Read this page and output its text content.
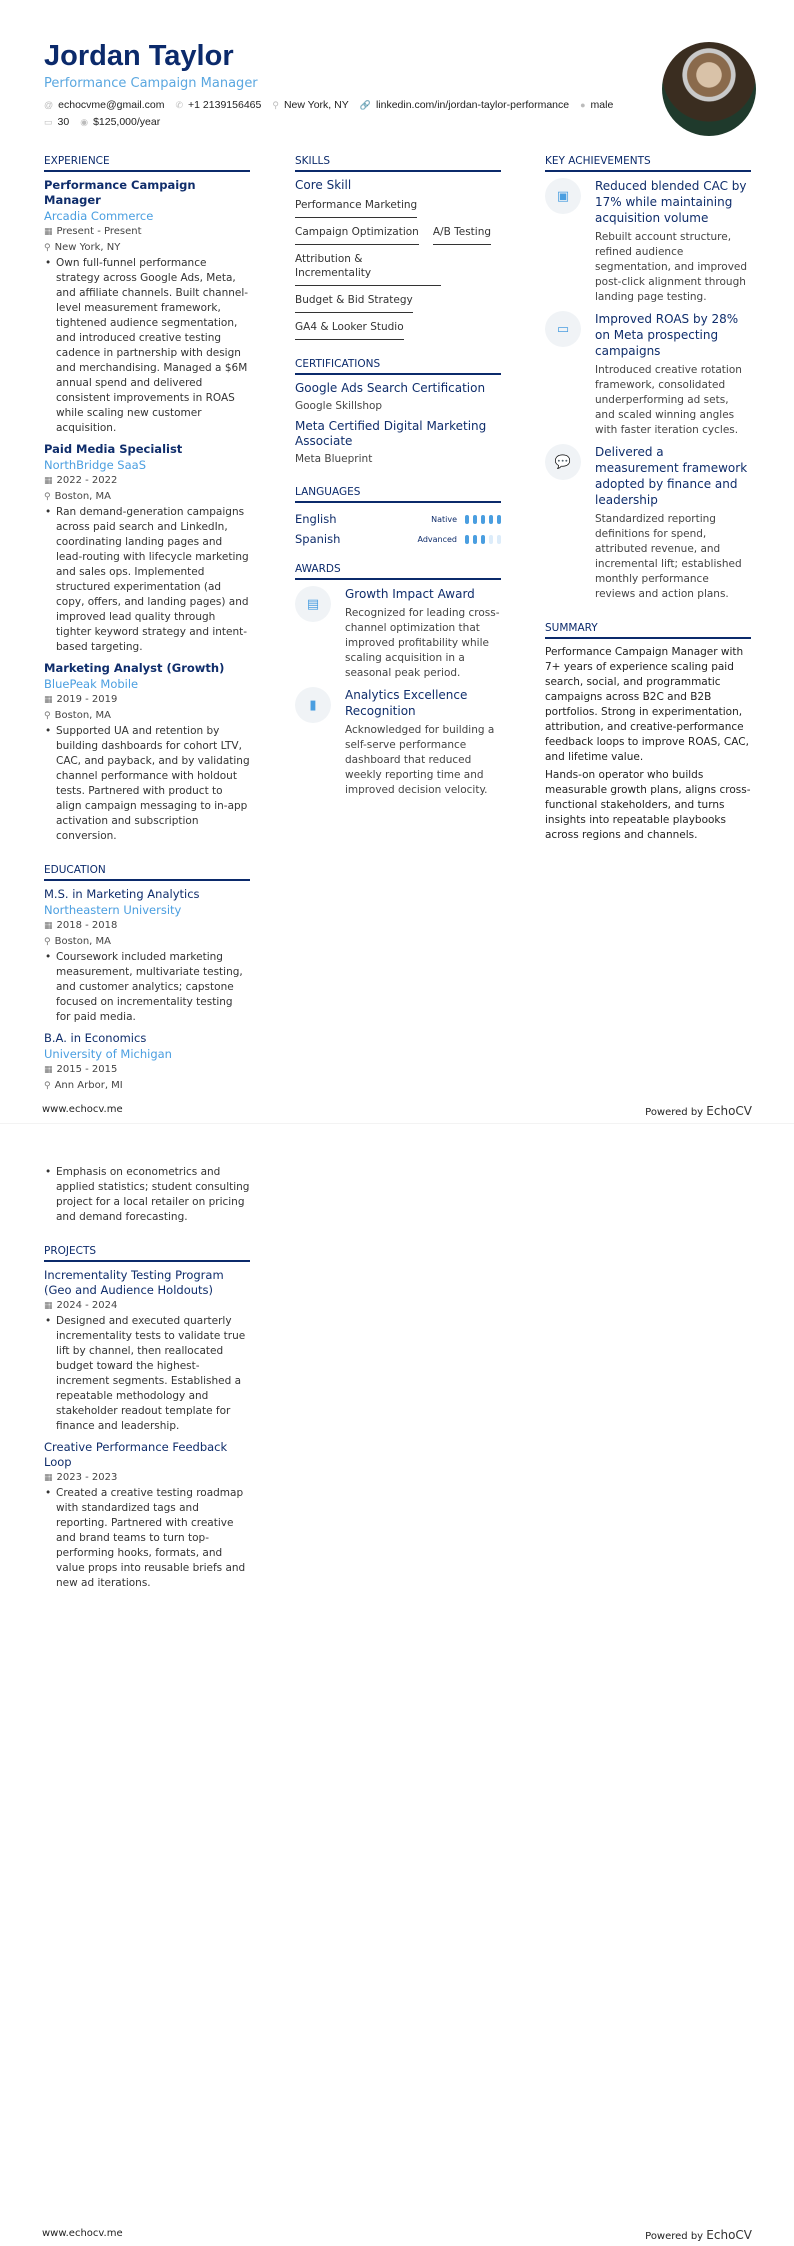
Jordan Taylor
Performance Campaign Manager
@ echocvme@gmail.com ✆ +1 2139156465 ⚲ New York, NY 🔗 linkedin.com/in/jordan-taylor-performance ● male
▭ 30 ◉ $125,000/year
EXPERIENCE
Performance Campaign Manager
Arcadia Commerce
▦ Present - Present
⚲ New York, NY
• Own full-funnel performance strategy across Google Ads, Meta, and affiliate channels. Built channel-level measurement framework, tightened audience segmentation, and introduced creative testing cadence in partnership with design and merchandising. Managed a $6M annual spend and delivered consistent improvements in ROAS while scaling new customer acquisition.
Paid Media Specialist
NorthBridge SaaS
▦ 2022 - 2022
⚲ Boston, MA
• Ran demand-generation campaigns across paid search and LinkedIn, coordinating landing pages and lead-routing with lifecycle marketing and sales ops. Implemented structured experimentation (ad copy, offers, and landing pages) and improved lead quality through tighter keyword strategy and intent-based targeting.
Marketing Analyst (Growth)
BluePeak Mobile
▦ 2019 - 2019
⚲ Boston, MA
• Supported UA and retention by building dashboards for cohort LTV, CAC, and payback, and by validating channel performance with holdout tests. Partnered with product to align campaign messaging to in-app activation and subscription conversion.
EDUCATION
M.S. in Marketing Analytics
Northeastern University
▦ 2018 - 2018
⚲ Boston, MA
• Coursework included marketing measurement, multivariate testing, and customer analytics; capstone focused on incrementality testing for paid media.
B.A. in Economics
University of Michigan
▦ 2015 - 2015
⚲ Ann Arbor, MI
SKILLS
Core Skill
Performance Marketing
Campaign Optimization A/B Testing
Attribution & Incrementality
Budget & Bid Strategy
GA4 & Looker Studio
CERTIFICATIONS
Google Ads Search Certification
Google Skillshop
Meta Certified Digital Marketing Associate
Meta Blueprint
LANGUAGES
English	Native
Spanish	Advanced
AWARDS
▤
Growth Impact Award
Recognized for leading cross-channel optimization that improved profitability while scaling acquisition in a seasonal peak period.
▮
Analytics Excellence Recognition
Acknowledged for building a self-serve performance dashboard that reduced weekly reporting time and improved decision velocity.
KEY ACHIEVEMENTS
▣
Reduced blended CAC by 17% while maintaining acquisition volume
Rebuilt account structure, refined audience segmentation, and improved post-click alignment through landing page testing.
▭
Improved ROAS by 28% on Meta prospecting campaigns
Introduced creative rotation framework, consolidated underperforming ad sets, and scaled winning angles with faster iteration cycles.
💬
Delivered a measurement framework adopted by finance and leadership
Standardized reporting definitions for spend, attributed revenue, and incremental lift; established monthly performance reviews and action plans.
SUMMARY
Performance Campaign Manager with 7+ years of experience scaling paid search, social, and programmatic campaigns across B2C and B2B portfolios. Strong in experimentation, attribution, and creative-performance feedback loops to improve ROAS, CAC, and lifetime value.
Hands-on operator who builds measurable growth plans, aligns cross-functional stakeholders, and turns insights into repeatable playbooks across regions and channels.
www.echocv.me	Powered by EchoCV
• Emphasis on econometrics and applied statistics; student consulting project for a local retailer on pricing and demand forecasting.
PROJECTS
Incrementality Testing Program (Geo and Audience Holdouts)
▦ 2024 - 2024
• Designed and executed quarterly incrementality tests to validate true lift by channel, then reallocated budget toward the highest-increment segments. Established a repeatable methodology and stakeholder readout template for finance and leadership.
Creative Performance Feedback Loop
▦ 2023 - 2023
• Created a creative testing roadmap with standardized tags and reporting. Partnered with creative and brand teams to turn top-performing hooks, formats, and value props into reusable briefs and new ad iterations.
www.echocv.me	Powered by EchoCV
